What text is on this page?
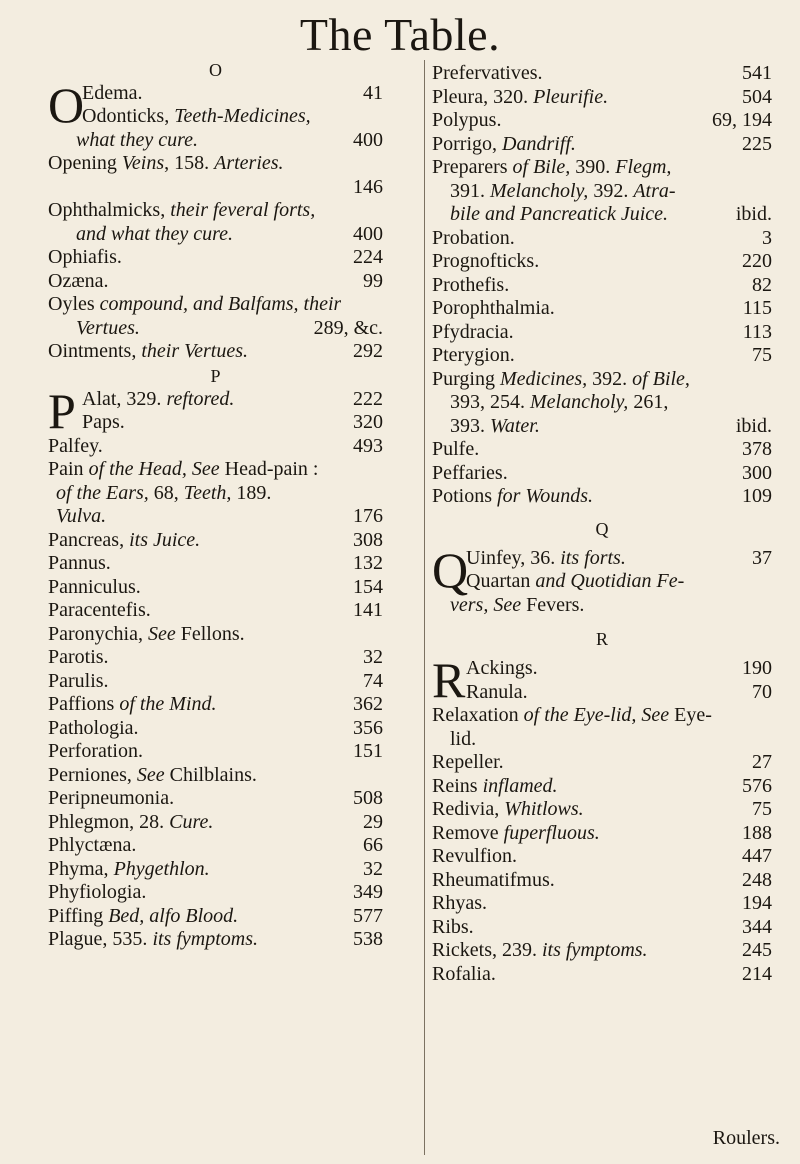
The Table.
O
O
Edema.	41
Odonticks, Teeth-Medicines,
what they cure.	400
Opening Veins, 158. Arteries.
146
Ophthalmicks, their feveral forts,
and what they cure.	400
Ophiafis.	224
Ozæna.	99
Oyles compound, and Balfams, their
Vertues.	289, &c.
Ointments, their Vertues.	292
P
P Alat, 329. reftored.	222
Paps.	320
Palfey.	493
Pain of the Head, See Head-pain :
of the Ears, 68, Teeth, 189.
Vulva.	176
Pancreas, its Juice.	308
Pannus.	132
Panniculus.	154
Paracentefis.	141
Paronychia, See Fellons.
Parotis.	32
Parulis.	74
Paffions of the Mind.	362
Pathologia.	356
Perforation.	151
Perniones, See Chilblains.
Peripneumonia.	508
Phlegmon, 28. Cure.	29
Phlyctæna.	66
Phyma, Phygethlon.	32
Phyfiologia.	349
Piffing Bed, alfo Blood.	577
Plague, 535. its fymptoms.	538
Prefervatives.	541
Pleura, 320. Pleurifie.	504
Polypus.	69, 194
Porrigo, Dandriff.	225
Preparers of Bile, 390. Flegm,
391. Melancholy, 392. Atra-
bile and Pancreatick Juice.	ibid.
Probation.	3
Prognofticks.	220
Prothefis.	82
Porophthalmia.	115
Pfydracia.	113
Pterygion.	75
Purging Medicines, 392. of Bile,
393, 254. Melancholy, 261,
393. Water.	ibid.
Pulfe.	378
Peffaries.	300
Potions for Wounds.	109
Q
Q
Uinfey, 36. its forts.	37
Quartan and Quotidian Fe-
vers, See Fevers.
R
R Ackings.	190
Ranula.	70
Relaxation of the Eye-lid, See Eye-
lid.
Repeller.	27
Reins inflamed.	576
Redivia, Whitlows.	75
Remove fuperfluous.	188
Revulfion.	447
Rheumatifmus.	248
Rhyas.	194
Ribs.	344
Rickets, 239. its fymptoms.	245
Rofalia.	214
Roulers.
